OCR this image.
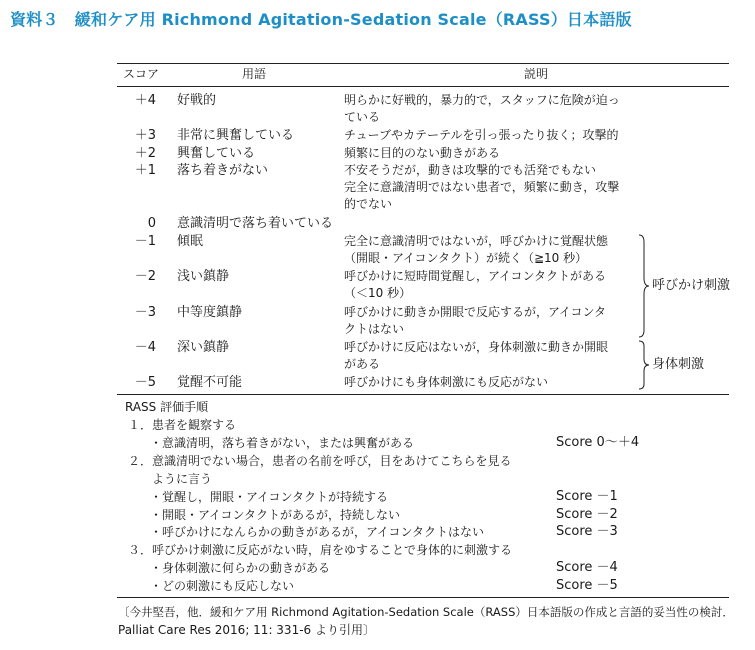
資料３　緩和ケア用 Richmond Agitation-Sedation Scale（RASS）日本語版
スコア	用語	説明
＋4 好戦的	明らかに好戦的，暴力的で，スタッフに危険が迫っ
ている
＋3 非常に興奮している	チューブやカテーテルを引っ張ったり抜く；攻撃的
＋2 興奮している	頻繁に目的のない動きがある
＋1 落ち着きがない	不安そうだが，動きは攻撃的でも活発でもない
完全に意識清明ではない患者で，頻繁に動き，攻撃
的でない
0 意識清明で落ち着いている
－1 傾眠	完全に意識清明ではないが，呼びかけに覚醒状態
（開眼・アイコンタクト）が続く（≧10 秒）
－2 浅い鎮静	呼びかけに短時間覚醒し，アイコンタクトがある
（＜10 秒）
－3 中等度鎮静	呼びかけに動きか開眼で反応するが，アイコンタ
クトはない
－4 深い鎮静	呼びかけに反応はないが，身体刺激に動きか開眼
がある
－5 覚醒不可能	呼びかけにも身体刺激にも反応がない
呼びかけ刺激
身体刺激
RASS 評価手順
１．患者を観察する
・意識清明，落ち着きがない，または興奮がある	Score 0〜＋4
２．意識清明でない場合，患者の名前を呼び，目をあけてこちらを見る
　　ように言う
・覚醒し，開眼・アイコンタクトが持続する	Score －1
・開眼・アイコンタクトがあるが，持続しない	Score －2
・呼びかけになんらかの動きがあるが，アイコンタクトはない	Score －3
３．呼びかけ刺激に反応がない時，肩をゆすることで身体的に刺激する
・身体刺激に何らかの動きがある	Score －4
・どの刺激にも反応しない	Score －5
〔今井堅吾，他．緩和ケア用 Richmond Agitation-Sedation Scale（RASS）日本語版の作成と言語的妥当性の検討．
Palliat Care Res 2016; 11: 331-6 より引用〕
